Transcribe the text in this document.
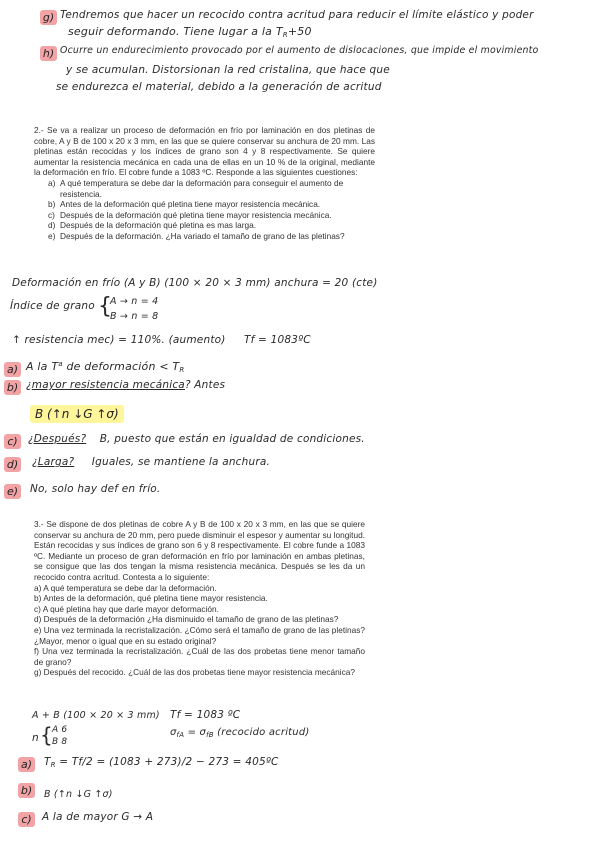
g) Tendremos que hacer un recocido contra acritud para reducir el límite elástico y poder
seguir deformando. Tiene lugar a la $T_R+50$
h) Ocurre un endurecimiento provocado por el aumento de dislocaciones, que impide el movimiento
y se acumulan. Distorsionan la red cristalina, que hace que
se endurezca el material, debido a la generación de acritud

2.- Se va a realizar un proceso de deformación en frío por laminación en dos pletinas de cobre, A y B de 100 x 20 x 3 mm, en las que se quiere conservar su anchura de 20 mm. Las pletinas están recocidas y los índices de grano son 4 y 8 respectivamente. Se quiere aumentar la resistencia mecánica en cada una de ellas en un 10 % de la original, mediante la deformación en frío. El cobre funde a 1083 ºC. Responde a las siguientes cuestiones:

a) A qué temperatura se debe dar la deformación para conseguir el aumento de resistencia.
b) Antes de la deformación qué pletina tiene mayor resistencia mecánica.
c) Después de la deformación qué pletina tiene mayor resistencia mecánica.
d) Después de la deformación qué pletina es mas larga.
e) Después de la deformación. ¿Ha variado el tamaño de grano de las pletinas?
Deformación en frío (A y B) (100 × 20 × 3 mm) anchura = 20 (cte)
Índice de grano {
A → n = 4
B → n = 8
↑ resistencia mec) = 110%. (aumento) Tf = 1083ºC
a) A la $T^a$ de deformación < $T_R$
b) ¿mayor resistencia mecánica? Antes
B (↑n ↓G ↑σ)
c) ¿Después? B, puesto que están en igualdad de condiciones.
d) ¿Larga? Iguales, se mantiene la anchura.
e) No, solo hay def en frío.

3.- Se dispone de dos pletinas de cobre A y B de 100 x 20 x 3 mm, en las que se quiere conservar su anchura de 20 mm, pero puede disminuir el espesor y aumentar su longitud. Están recocidas y sus índices de grano son 6 y 8 respectivamente. El cobre funde a 1083 ºC. Mediante un proceso de gran deformación en frío por laminación en ambas pletinas, se consigue que las dos tengan la misma resistencia mecánica. Después se les da un recocido contra acritud. Contesta a lo siguiente:

a) A qué temperatura se debe dar la deformación.

b) Antes de la deformación, qué pletina tiene mayor resistencia.

c) A qué pletina hay que darle mayor deformación.

d) Después de la deformación ¿Ha disminuido el tamaño de grano de las pletinas?

e) Una vez terminada la recristalización. ¿Cómo será el tamaño de grano de las pletinas? ¿Mayor, menor o igual que en su estado original?

f) Una vez terminada la recristalización. ¿Cuál de las dos probetas tiene menor tamaño de grano?

g) Después del recocido. ¿Cuál de las dos probetas tiene mayor resistencia mecánica?

A + B (100 × 20 × 3 mm) Tf = 1083 ºC
n { A 6
B 8
$\sigma_{fA} = \sigma_{fB}$ (recocido acritud)
a) $T_R = Tf/2 = (1083 + 273)/2 - 273$ = 405ºC
b)	B (↑n ↓G ↑σ)
c) A la de mayor G → A
